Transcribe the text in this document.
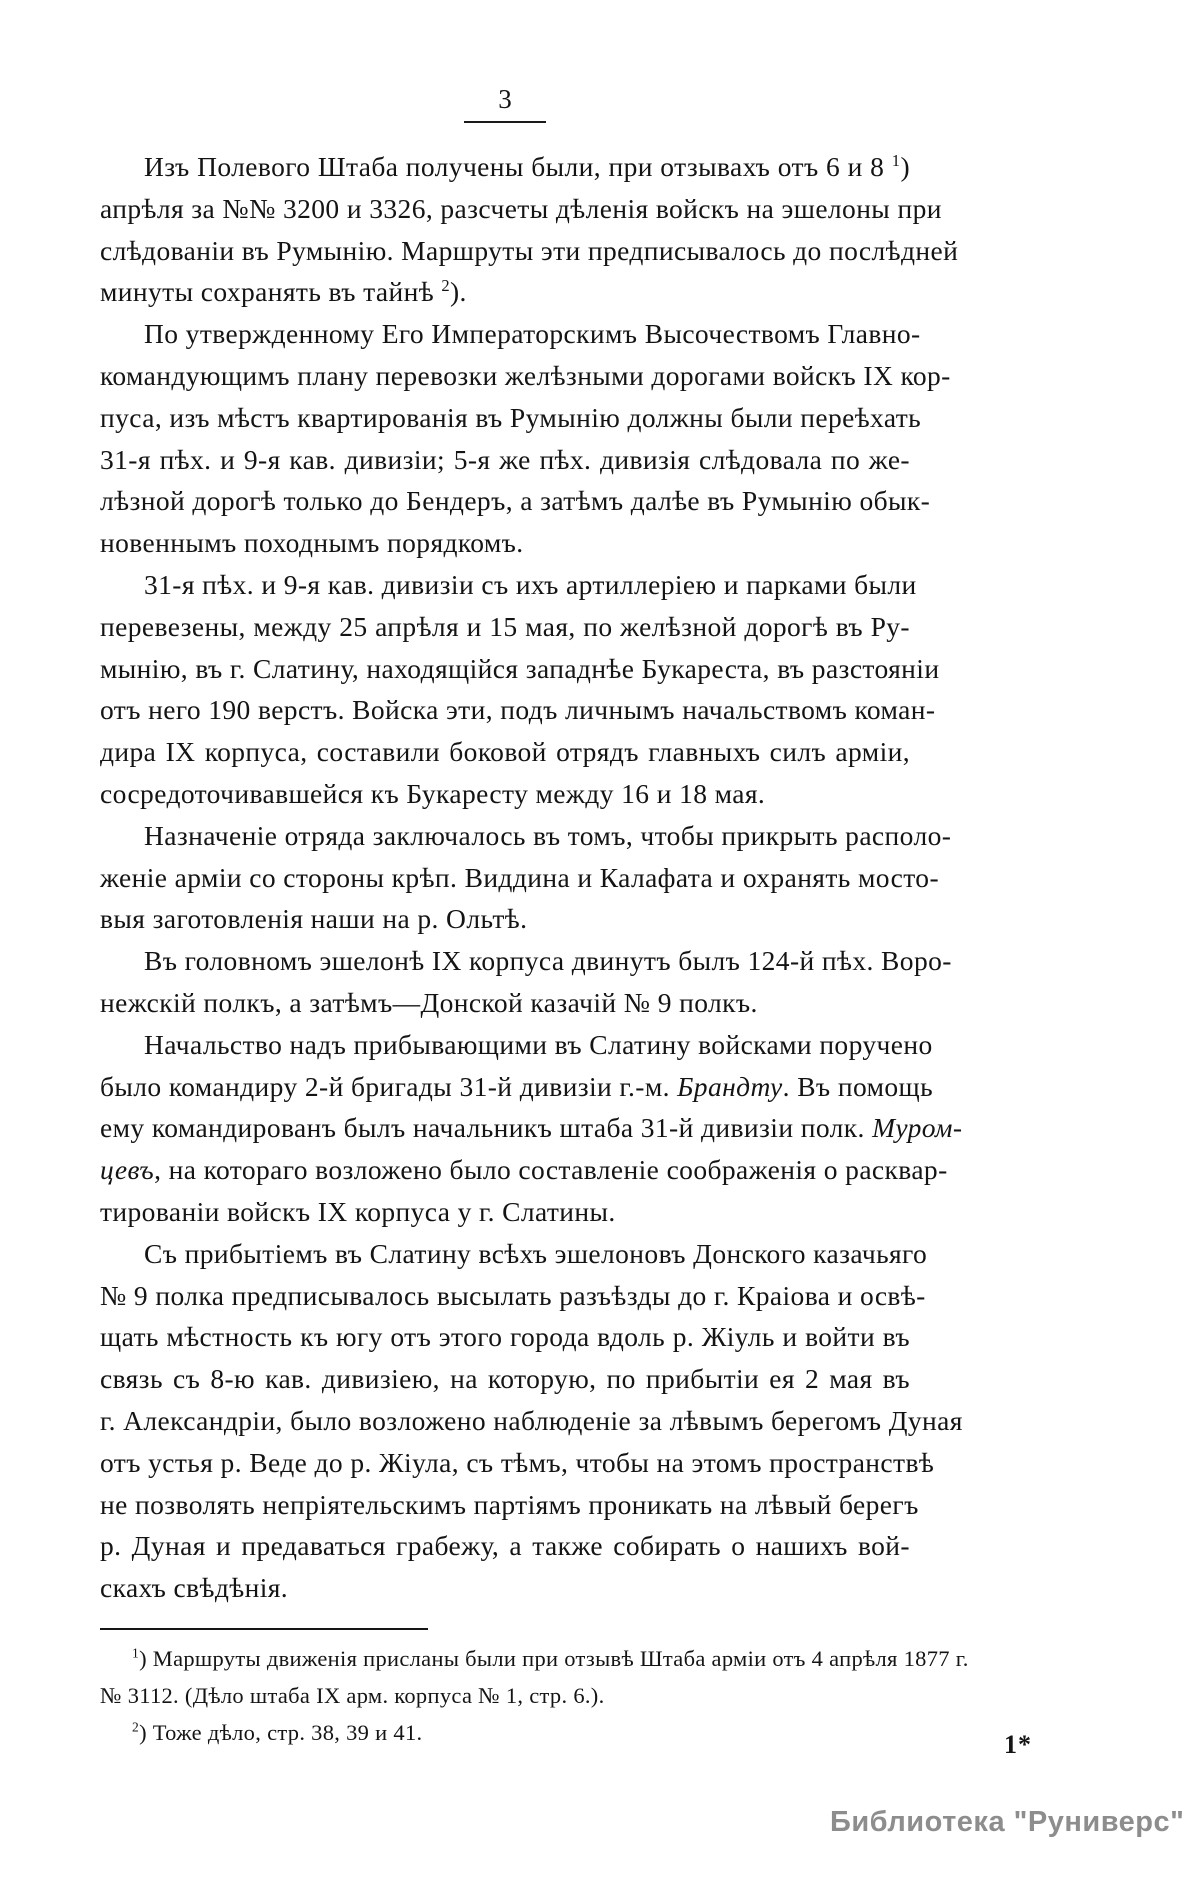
3
Изъ Полевого Штаба получены были, при отзывахъ отъ 6 и 8 $^1$)
апрѣля за №№ 3200 и 3326, разсчеты дѣленія войскъ на эшелоны при
слѣдованіи въ Румынію. Маршруты эти предписывалось до послѣдней
минуты сохранять въ тайнѣ $^2$).
По утвержденному Его Императорскимъ Высочествомъ Главно-
командующимъ плану перевозки желѣзными дорогами войскъ IX кор-
пуса, изъ мѣстъ квартированія въ Румынію должны были переѣхать
31-я пѣх. и 9-я кав. дивизіи; 5-я же пѣх. дивизія слѣдовала по же-
лѣзной дорогѣ только до Бендеръ, а затѣмъ далѣе въ Румынію обык-
новеннымъ походнымъ порядкомъ.
31-я пѣх. и 9-я кав. дивизіи съ ихъ артиллеріею и парками были
перевезены, между 25 апрѣля и 15 мая, по желѣзной дорогѣ въ Ру-
мынію, въ г. Слатину, находящійся западнѣе Букареста, въ разстояніи
отъ него 190 верстъ. Войска эти, подъ личнымъ начальствомъ коман-
дира IX корпуса, составили боковой отрядъ главныхъ силъ арміи,
сосредоточивавшейся къ Букаресту между 16 и 18 мая.
Назначеніе отряда заключалось въ томъ, чтобы прикрыть располо-
женіе арміи со стороны крѣп. Виддина и Калафата и охранять мосто-
выя заготовленія наши на р. Ольтѣ.
Въ головномъ эшелонѣ IX корпуса двинутъ былъ 124-й пѣх. Воро-
нежскій полкъ, а затѣмъ—Донской казачій № 9 полкъ.
Начальство надъ прибывающими въ Слатину войсками поручено
было командиру 2-й бригады 31-й дивизіи г.-м. Брандту. Въ помощь
ему командированъ былъ начальникъ штаба 31-й дивизіи полк. Муром-
цевъ, на котораго возложено было составленіе соображенія о расквар-
тированіи войскъ IX корпуса у г. Слатины.
Съ прибытіемъ въ Слатину всѣхъ эшелоновъ Донского казачьяго
№ 9 полка предписывалось высылать разъѣзды до г. Краіова и освѣ-
щать мѣстность къ югу отъ этого города вдоль р. Жіуль и войти въ
связь съ 8-ю кав. дивизіею, на которую, по прибытіи ея 2 мая въ
г. Александріи, было возложено наблюденіе за лѣвымъ берегомъ Дуная
отъ устья р. Веде до р. Жіула, съ тѣмъ, чтобы на этомъ пространствѣ
не позволять непріятельскимъ партіямъ проникать на лѣвый берегъ
р. Дуная и предаваться грабежу, а также собирать о нашихъ вой-
скахъ свѣдѣнія.
$^1$) Маршруты движенія присланы были при отзывѣ Штаба арміи отъ 4 апрѣля 1877 г.
№ 3112. (Дѣло штаба IX арм. корпуса № 1, стр. 6.).
$^2$) Тоже дѣло, стр. 38, 39 и 41.	1*
Библиотека "Руниверс"
